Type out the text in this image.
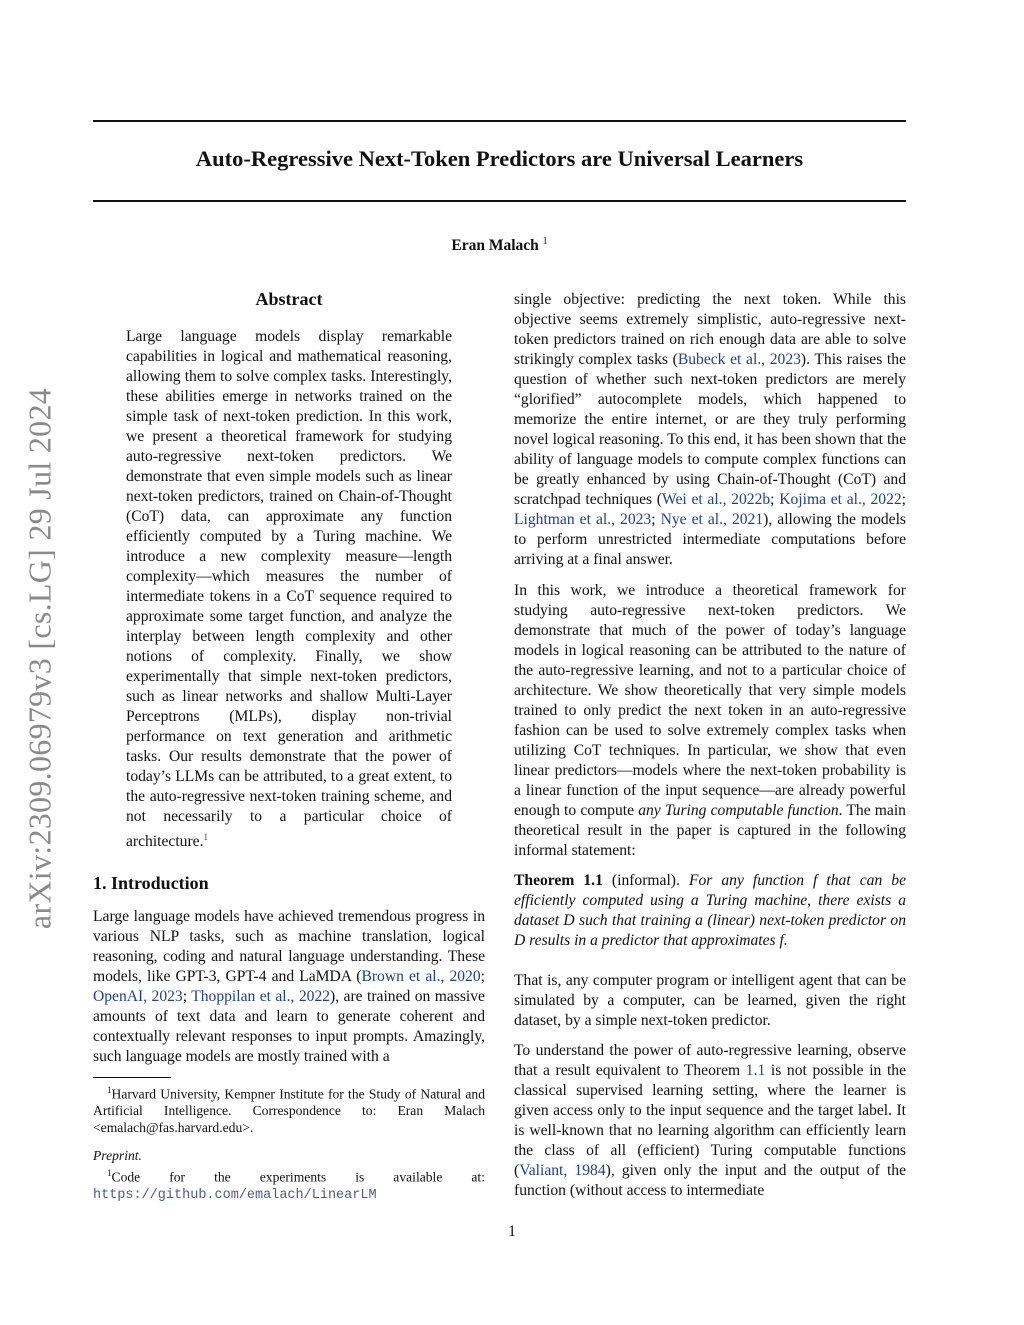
arXiv:2309.06979v3 [cs.LG] 29 Jul 2024
Auto-Regressive Next-Token Predictors are Universal Learners
Eran Malach $^1$
Abstract
Large language models display remarkable capabilities in logical and mathematical reasoning, allowing them to solve complex tasks. Interestingly, these abilities emerge in networks trained on the simple task of next-token prediction. In this work, we present a theoretical framework for studying auto-regressive next-token predictors. We demonstrate that even simple models such as linear next-token predictors, trained on Chain-of-Thought (CoT) data, can approximate any function efficiently computed by a Turing machine. We introduce a new complexity measure—length complexity—which measures the number of intermediate tokens in a CoT sequence required to approximate some target function, and analyze the interplay between length complexity and other notions of complexity. Finally, we show experimentally that simple next-token predictors, such as linear networks and shallow Multi-Layer Perceptrons (MLPs), display non-trivial performance on text generation and arithmetic tasks. Our results demonstrate that the power of today’s LLMs can be attributed, to a great extent, to the auto-regressive next-token training scheme, and not necessarily to a particular choice of architecture.$^1$
1. Introduction
Large language models have achieved tremendous progress in various NLP tasks, such as machine translation, logical reasoning, coding and natural language understanding. These models, like GPT-3, GPT-4 and LaMDA (Brown et al., 2020; OpenAI, 2023; Thoppilan et al., 2022), are trained on massive amounts of text data and learn to generate coherent and contextually relevant responses to input prompts. Amazingly, such language models are mostly trained with a
$^1$Harvard University, Kempner Institute for the Study of Natural and Artificial Intelligence. Correspondence to: Eran Malach <emalach@fas.harvard.edu>.
Preprint.
$^1$Code for the experiments is available at: https://github.com/emalach/LinearLM
single objective: predicting the next token. While this objective seems extremely simplistic, auto-regressive next-token predictors trained on rich enough data are able to solve strikingly complex tasks (Bubeck et al., 2023). This raises the question of whether such next-token predictors are merely “glorified” autocomplete models, which happened to memorize the entire internet, or are they truly performing novel logical reasoning. To this end, it has been shown that the ability of language models to compute complex functions can be greatly enhanced by using Chain-of-Thought (CoT) and scratchpad techniques (Wei et al., 2022b; Kojima et al., 2022; Lightman et al., 2023; Nye et al., 2021), allowing the models to perform unrestricted intermediate computations before arriving at a final answer.
In this work, we introduce a theoretical framework for studying auto-regressive next-token predictors. We demonstrate that much of the power of today’s language models in logical reasoning can be attributed to the nature of the auto-regressive learning, and not to a particular choice of architecture. We show theoretically that very simple models trained to only predict the next token in an auto-regressive fashion can be used to solve extremely complex tasks when utilizing CoT techniques. In particular, we show that even linear predictors—models where the next-token probability is a linear function of the input sequence—are already powerful enough to compute any Turing computable function. The main theoretical result in the paper is captured in the following informal statement:
Theorem 1.1 (informal). For any function f that can be efficiently computed using a Turing machine, there exists a dataset D such that training a (linear) next-token predictor on D results in a predictor that approximates f.
That is, any computer program or intelligent agent that can be simulated by a computer, can be learned, given the right dataset, by a simple next-token predictor.
To understand the power of auto-regressive learning, observe that a result equivalent to Theorem 1.1 is not possible in the classical supervised learning setting, where the learner is given access only to the input sequence and the target label. It is well-known that no learning algorithm can efficiently learn the class of all (efficient) Turing computable functions (Valiant, 1984), given only the input and the output of the function (without access to intermediate
1
